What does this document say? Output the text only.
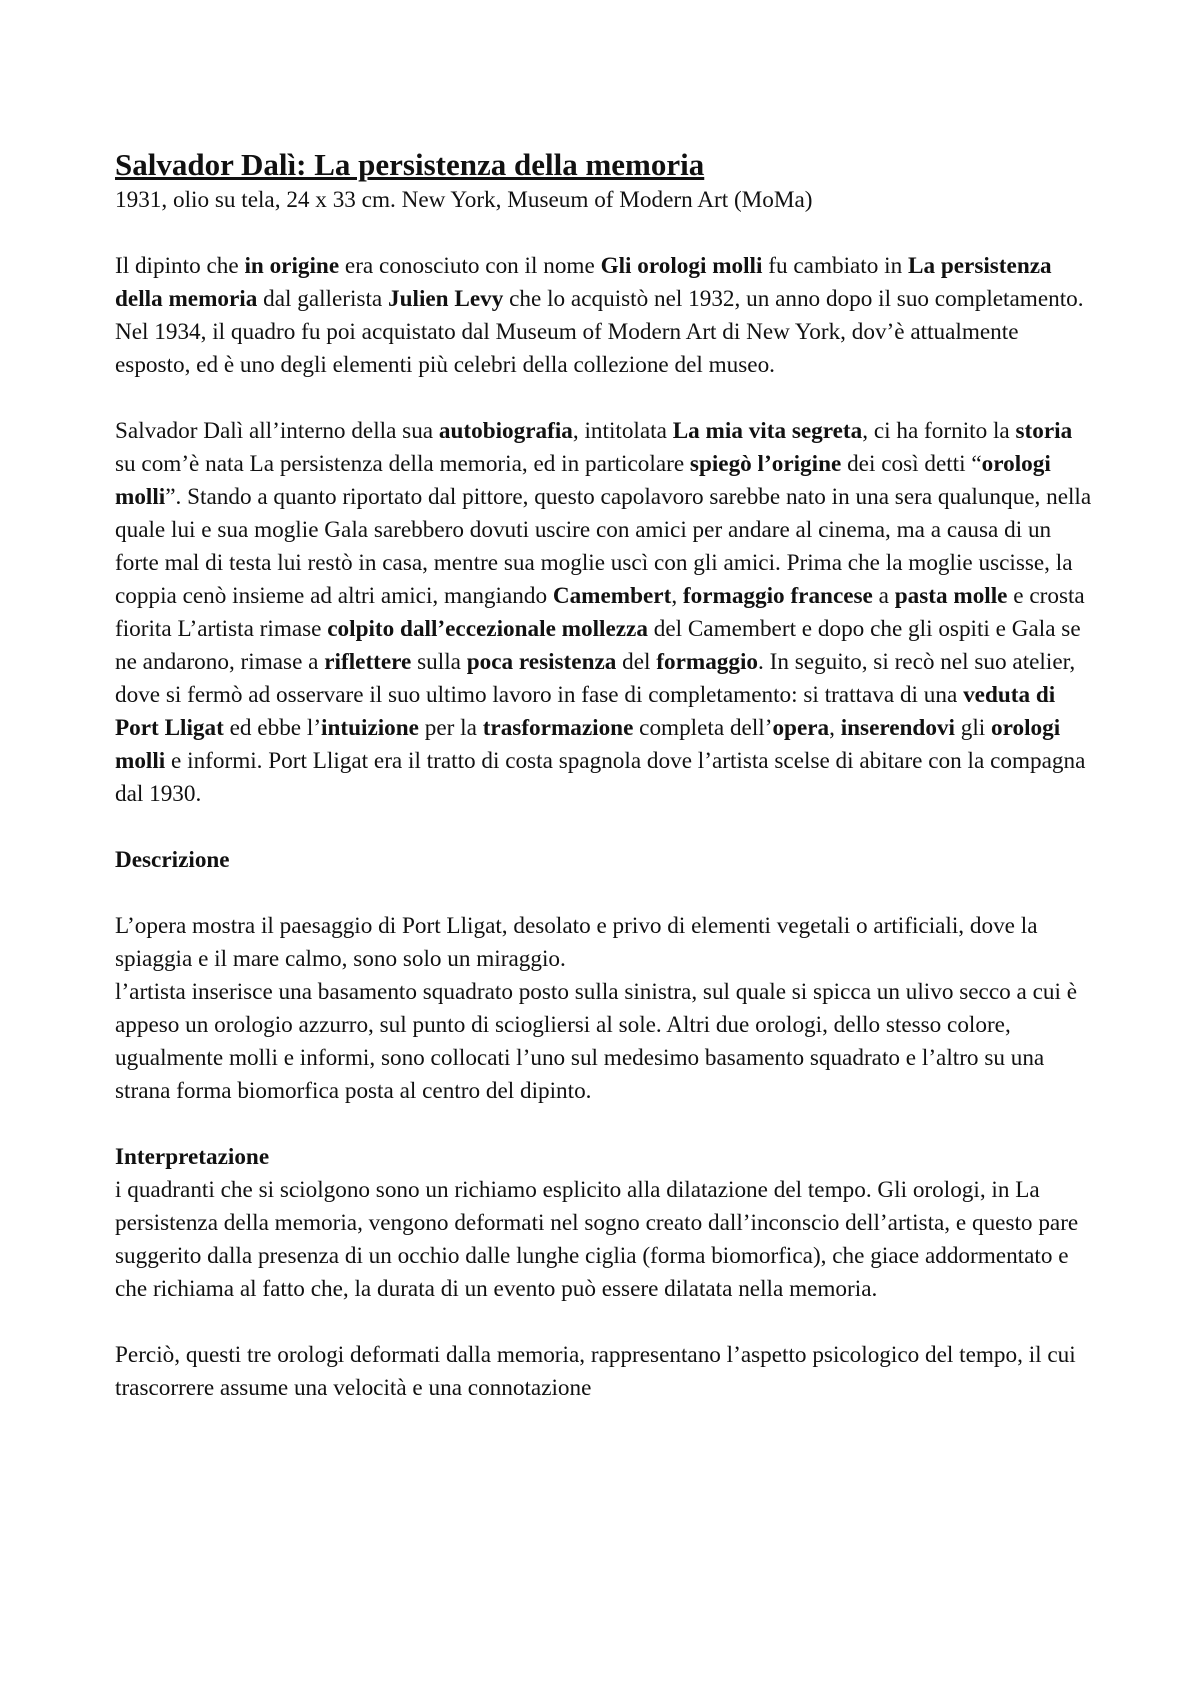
Salvador Dalì: La persistenza della memoria

1931, olio su tela, 24 x 33 cm. New York, Museum of Modern Art (MoMa)

Il dipinto che in origine era conosciuto con il nome Gli orologi molli fu cambiato in La persistenza della memoria dal gallerista Julien Levy che lo acquistò nel 1932, un anno dopo il suo completamento. Nel 1934, il quadro fu poi acquistato dal Museum of Modern Art di New York, dov’è attualmente esposto, ed è uno degli elementi più celebri della collezione del museo.

Salvador Dalì all’interno della sua autobiografia, intitolata La mia vita segreta, ci ha fornito la storia su com’è nata La persistenza della memoria, ed in particolare spiegò l’origine dei così detti “orologi molli”. Stando a quanto riportato dal pittore, questo capolavoro sarebbe nato in una sera qualunque, nella quale lui e sua moglie Gala sarebbero dovuti uscire con amici per andare al cinema, ma a causa di un forte mal di testa lui restò in casa, mentre sua moglie uscì con gli amici. Prima che la moglie uscisse, la coppia cenò insieme ad altri amici, mangiando Camembert, formaggio francese a pasta molle e crosta fiorita L’artista rimase colpito dall’eccezionale mollezza del Camembert e dopo che gli ospiti e Gala se ne andarono, rimase a riflettere sulla poca resistenza del formaggio. In seguito, si recò nel suo atelier, dove si fermò ad osservare il suo ultimo lavoro in fase di completamento: si trattava di una veduta di Port Lligat ed ebbe l’intuizione per la trasformazione completa dell’opera, inserendovi gli orologi molli e informi. Port Lligat era il tratto di costa spagnola dove l’artista scelse di abitare con la compagna dal 1930.

Descrizione

L’opera mostra il paesaggio di Port Lligat, desolato e privo di elementi vegetali o artificiali, dove la spiaggia e il mare calmo, sono solo un miraggio.

l’artista inserisce una basamento squadrato posto sulla sinistra, sul quale si spicca un ulivo secco a cui è appeso un orologio azzurro, sul punto di sciogliersi al sole. Altri due orologi, dello stesso colore, ugualmente molli e informi, sono collocati l’uno sul medesimo basamento squadrato e l’altro su una strana forma biomorfica posta al centro del dipinto.

Interpretazione

i quadranti che si sciolgono sono un richiamo esplicito alla dilatazione del tempo. Gli orologi, in La persistenza della memoria, vengono deformati nel sogno creato dall’inconscio dell’artista, e questo pare suggerito dalla presenza di un occhio dalle lunghe ciglia (forma biomorfica), che giace addormentato e che richiama al fatto che, la durata di un evento può essere dilatata nella memoria.

Perciò, questi tre orologi deformati dalla memoria, rappresentano l’aspetto psicologico del tempo, il cui trascorrere assume una velocità e una connotazione
